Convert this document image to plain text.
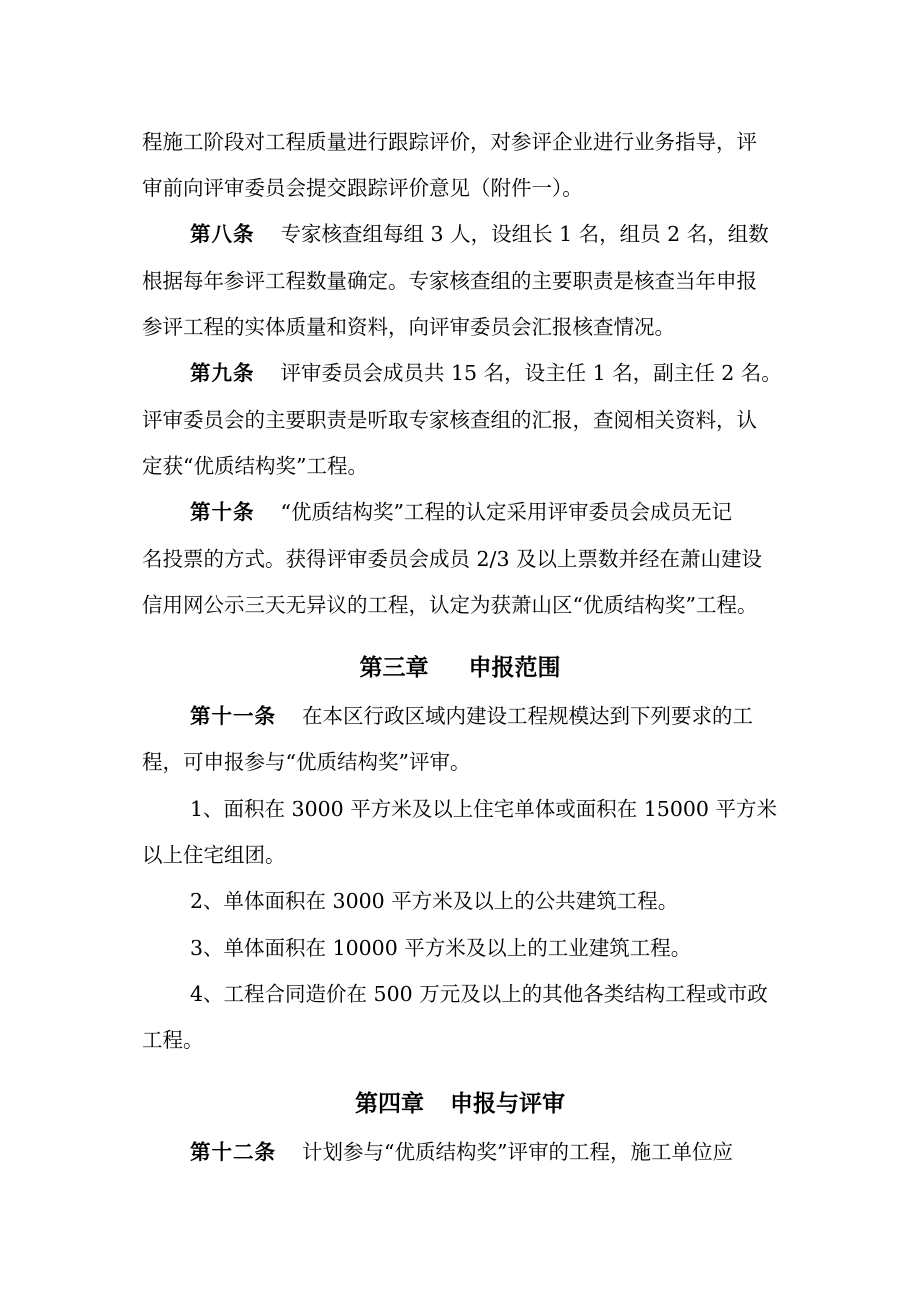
程施工阶段对工程质量进行跟踪评价，对参评企业进行业务指导，评
审前向评审委员会提交跟踪评价意见（附件一）。
第八条 专家核查组每组 3 人，设组长 1 名，组员 2 名，组数
根据每年参评工程数量确定。专家核查组的主要职责是核查当年申报
参评工程的实体质量和资料，向评审委员会汇报核查情况。
第九条 评审委员会成员共 15 名，设主任 1 名，副主任 2 名。
评审委员会的主要职责是听取专家核查组的汇报，查阅相关资料，认
定获“优质结构奖”工程。
第十条 “优质结构奖”工程的认定采用评审委员会成员无记
名投票的方式。获得评审委员会成员 2/3 及以上票数并经在萧山建设
信用网公示三天无异议的工程，认定为获萧山区“优质结构奖”工程。
第三章 申报范围
第十一条 在本区行政区域内建设工程规模达到下列要求的工
程，可申报参与“优质结构奖”评审。
1、面积在 3000 平方米及以上住宅单体或面积在 15000 平方米
以上住宅组团。
2、单体面积在 3000 平方米及以上的公共建筑工程。
3、单体面积在 10000 平方米及以上的工业建筑工程。
4、工程合同造价在 500 万元及以上的其他各类结构工程或市政
工程。
第四章 申报与评审
第十二条 计划参与“优质结构奖”评审的工程，施工单位应
